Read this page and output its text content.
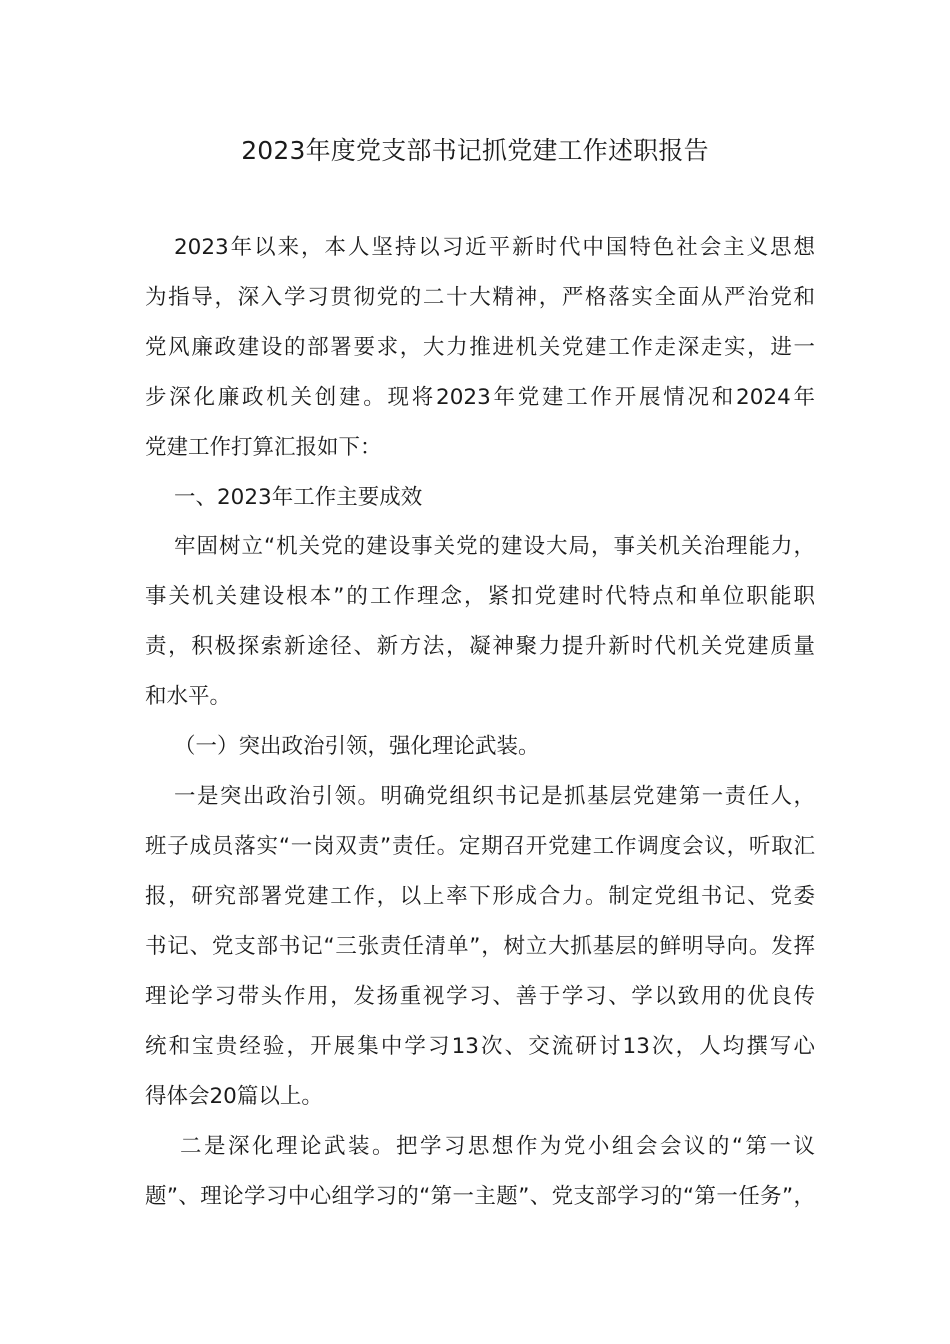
2023年度党支部书记抓党建工作述职报告
2023年以来，本人坚持以习近平新时代中国特色社会主义思想
为指导，深入学习贯彻党的二十大精神，严格落实全面从严治党和
党风廉政建设的部署要求，大力推进机关党建工作走深走实，进一
步深化廉政机关创建。现将2023年党建工作开展情况和2024年
党建工作打算汇报如下：
一、2023年工作主要成效
牢固树立“机关党的建设事关党的建设大局，事关机关治理能力，
事关机关建设根本”的工作理念，紧扣党建时代特点和单位职能职
责，积极探索新途径、新方法，凝神聚力提升新时代机关党建质量
和水平。
（一）突出政治引领，强化理论武装。
一是突出政治引领。明确党组织书记是抓基层党建第一责任人，
班子成员落实“一岗双责”责任。定期召开党建工作调度会议，听取汇
报，研究部署党建工作，以上率下形成合力。制定党组书记、党委
书记、党支部书记“三张责任清单”，树立大抓基层的鲜明导向。发挥
理论学习带头作用，发扬重视学习、善于学习、学以致用的优良传
统和宝贵经验，开展集中学习13次、交流研讨13次，人均撰写心
得体会20篇以上。
二是深化理论武装。把学习思想作为党小组会会议的“第一议
题”、理论学习中心组学习的“第一主题”、党支部学习的“第一任务”，
